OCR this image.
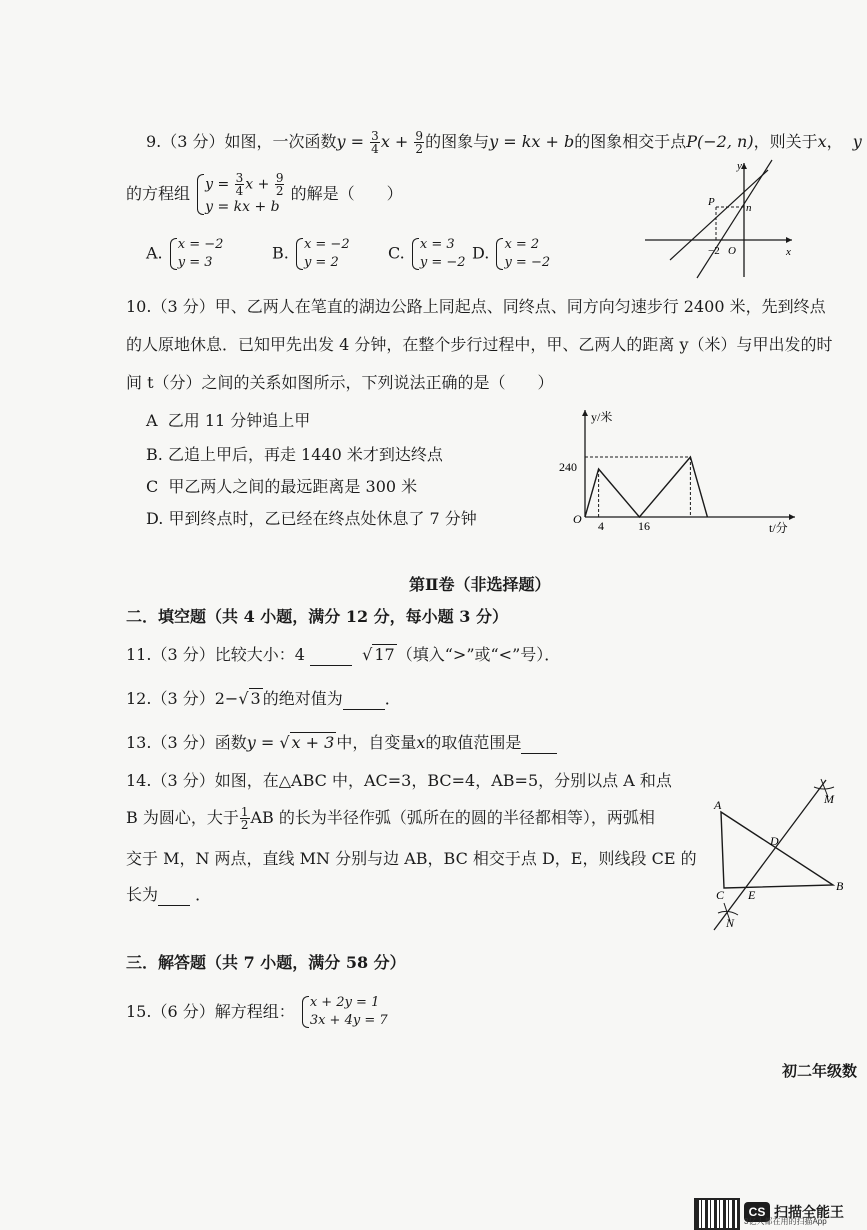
9.（3 分）如图，一次函数$y = \frac{3}{4}$ $x + \frac{9}{2}$ 的图象与y = kx + b的图象相交于点P(−2, n)，则关于x， y
的方程组 $y = \frac{3}{4}$ $x + \frac{9}{2}$
y = kx + b
的解是（　　）
A. x = −2
y = 3	B. x = −2
y = 2	C. x = 3
y = −2 D. x = 2
y = −2
y
x
P	n
−2 O
10.（3 分）甲、乙两人在笔直的湖边公路上同起点、同终点、同方向匀速步行 2400 米，先到终点
的人原地休息．已知甲先出发 4 分钟，在整个步行过程中，甲、乙两人的距离 y（米）与甲出发的时
间 t（分）之间的关系如图所示，下列说法正确的是（　　）
A 乙用 11 分钟追上甲
B. 乙追上甲后，再走 1440 米才到达终点
C 甲乙两人之间的最远距离是 300 米
D. 甲到终点时，乙已经在终点处休息了 7 分钟
y/米
t/分
240
O 4	16
第Ⅱ卷（非选择题）
二．填空题（共 4 小题，满分 12 分，每小题 3 分）
11.（3 分）比较大小：4	√ 17 （填入“>”或“<”号）．
12.（3 分）2−√ 3 的绝对值为	．
13.（3 分）函数y = √ x + 3 中，自变量x的取值范围是
14.（3 分）如图，在△ABC 中，AC=3，BC=4，AB=5，分别以点 A 和点
B 为圆心，大于 $\frac{1}{2}$ AB 的长为半径作弧（弧所在的圆的半径都相等），两弧相
交于 M，N 两点，直线 MN 分别与边 AB，BC 相交于点 D，E，则线段 CE 的
长为 ．
A
B
C
D
E
M
N
三．解答题（共 7 小题，满分 58 分）
15.（6 分）解方程组： x + 2y = 1
3x + 4y = 7
初二年级数
CS 扫描全能王
3亿人都在用的扫描App
